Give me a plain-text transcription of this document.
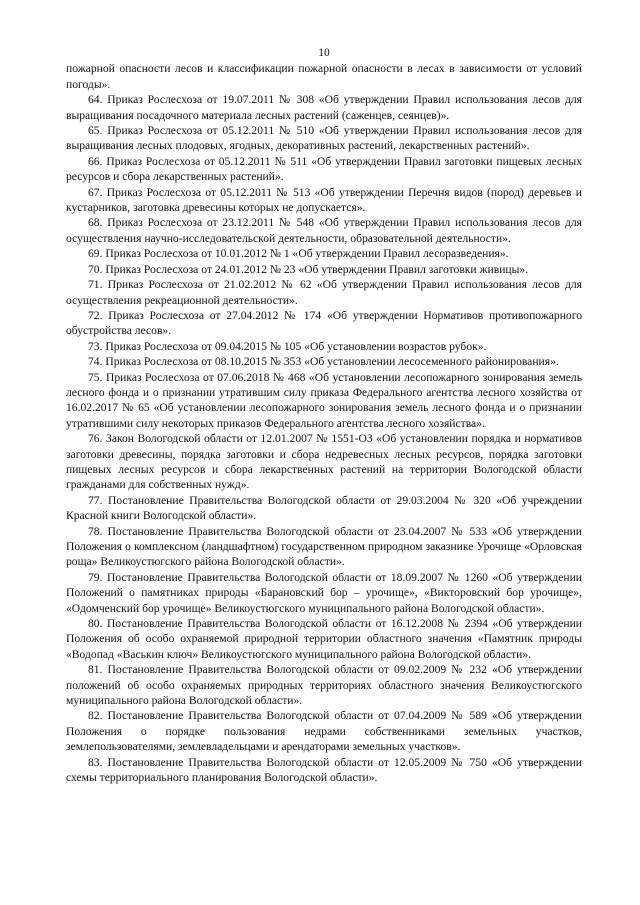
10

пожарной опасности лесов и классификации пожарной опасности в лесах в зависимости от условий погоды».

64. Приказ Рослесхоза от 19.07.2011 № 308 «Об утверждении Правил использования лесов для выращивания посадочного материала лесных растений (саженцев, сеянцев)».

65. Приказ Рослесхоза от 05.12.2011 № 510 «Об утверждении Правил использования лесов для выращивания лесных плодовых, ягодных, декоративных растений, лекарственных растений».

66. Приказ Рослесхоза от 05.12.2011 № 511 «Об утверждении Правил заготовки пищевых лесных ресурсов и сбора лекарственных растений».

67. Приказ Рослесхоза от 05.12.2011 № 513 «Об утверждении Перечня видов (пород) деревьев и кустарников, заготовка древесины которых не допускается».

68. Приказ Рослесхоза от 23.12.2011 № 548 «Об утверждении Правил использования лесов для осуществления научно-исследовательской деятельности, образовательной деятельности».

69. Приказ Рослесхоза от 10.01.2012 № 1 «Об утверждении Правил лесоразведения».

70. Приказ Рослесхоза от 24.01.2012 № 23 «Об утверждении Правил заготовки живицы».

71. Приказ Рослесхоза от 21.02.2012 № 62 «Об утверждении Правил использования лесов для осуществления рекреационной деятельности».

72. Приказ Рослесхоза от 27.04.2012 № 174 «Об утверждении Нормативов противопожарного обустройства лесов».

73. Приказ Рослесхоза от 09.04.2015 № 105 «Об установлении возрастов рубок».

74. Приказ Рослесхоза от 08.10.2015 № 353 «Об установлении лесосеменного районирования».

75. Приказ Рослесхоза от 07.06.2018 № 468 «Об установлении лесопожарного зонирования земель лесного фонда и о признании утратившим силу приказа Федерального агентства лесного хозяйства от 16.02.2017 № 65 «Об установлении лесопожарного зонирования земель лесного фонда и о признании утратившими силу некоторых приказов Федерального агентства лесного хозяйства».

76. Закон Вологодской области от 12.01.2007 № 1551-ОЗ «Об установлении порядка и нормативов заготовки древесины, порядка заготовки и сбора недревесных лесных ресурсов, порядка заготовки пищевых лесных ресурсов и сбора лекарственных растений на территории Вологодской области гражданами для собственных нужд».

77. Постановление Правительства Вологодской области от 29.03.2004 № 320 «Об учреждении Красной книги Вологодской области».

78. Постановление Правительства Вологодской области от 23.04.2007 № 533 «Об утверждении Положения о комплексном (ландшафтном) государственном природном заказнике Урочище «Орловская роща» Великоустюгского района Вологодской области».

79. Постановление Правительства Вологодской области от 18.09.2007 № 1260 «Об утверждении Положений о памятниках природы «Барановский бор – урочище», «Викторовский бор урочище», «Одомченский бор урочище» Великоустюгского муниципального района Вологодской области».

80. Постановление Правительства Вологодской области от 16.12.2008 № 2394 «Об утверждении Положения об особо охраняемой природной территории областного значения «Памятник природы «Водопад «Васькин ключ» Великоустюгского муниципального района Вологодской области».

81. Постановление Правительства Вологодской области от 09.02.2009 № 232 «Об утверждении положений об особо охраняемых природных территориях областного значения Великоустюгского муниципального района Вологодской области».

82. Постановление Правительства Вологодской области от 07.04.2009 № 589 «Об утверждении Положения о порядке пользования недрами собственниками земельных участков, землепользователями, землевладельцами и арендаторами земельных участков».

83. Постановление Правительства Вологодской области от 12.05.2009 № 750 «Об утверждении схемы территориального планирования Вологодской области».
